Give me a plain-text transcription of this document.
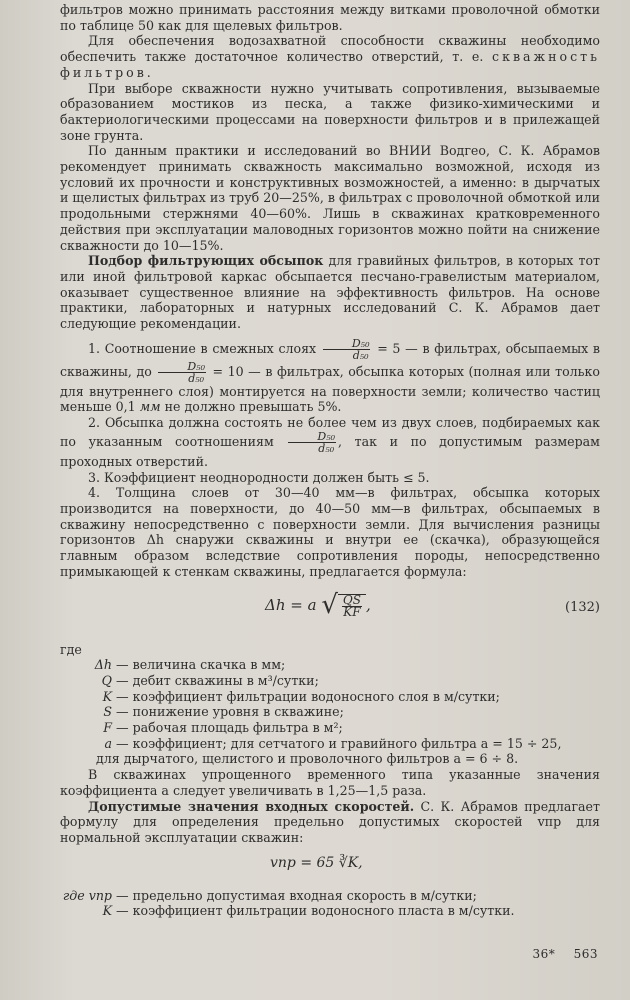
фильтров можно принимать расстояния между витками проволочной обмотки по таблице 50 как для щелевых фильтров.

Для обеспечения водозахватной способности скважины необходимо обеспечить также достаточное количество отверстий, т. е. скважность фильтров.

При выборе скважности нужно учитывать сопротивления, вызываемые образованием мостиков из песка, а также физико-химическими и бактериологическими процессами на поверхности фильтров и в прилежащей зоне грунта.

По данным практики и исследований во ВНИИ Водгео, С. К. Абрамов рекомендует принимать скважность максимально возможной, исходя из условий их прочности и конструктивных возможностей, а именно: в дырчатых и щелистых фильтрах из труб 20—25%, в фильтрах с проволочной обмоткой или продольными стержнями 40—60%. Лишь в скважинах кратковременного действия при эксплуатации маловодных горизонтов можно пойти на снижение скважности до 10—15%.

Подбор фильтрующих обсыпок для гравийных фильтров, в которых тот или иной фильтровой каркас обсыпается песчано-гравелистым материалом, оказывает существенное влияние на эффективность фильтров. На основе практики, лабораторных и натурных исследований С. К. Абрамов дает следующие рекомендации.

1. Соотношение в смежных слоях $\frac{\text{D₅₀}}{\text{d₅₀}} = 5$ — в фильтрах, обсыпаемых в скважины, до $\frac{\text{D₅₀}}{\text{d₅₀}} = 10$ — в фильтрах, обсыпка которых (полная или только для внутреннего слоя) монтируется на поверхности земли; количество частиц меньше 0,1 мм не должно превышать 5%.

2. Обсыпка должна состоять не более чем из двух слоев, подбираемых как по указанным соотношениям $\frac{\text{D₅₀}}{\text{d₅₀}}$ , так и по допустимым размерам проходных отверстий.

3. Коэффициент неоднородности должен быть ≤ 5.

4. Толщина слоев от 30—40 мм—в фильтрах, обсыпка которых производится на поверхности, до 40—50 мм—в фильтрах, обсыпаемых в скважину непосредственно с поверхности земли. Для вычисления разницы горизонтов Δh снаружи скважины и внутри ее (скачка), образующейся главным образом вследствие сопротивления породы, непосредственно примыкающей к стенкам скважины, предлагается формула:

Δh = a √ $\frac{QS}{KF}$ ,	(132)

где

Δh — величина скачка в мм;

Q — дебит скважины в м³/сутки;

K — коэффициент фильтрации водоносного слоя в м/сутки;

S — понижение уровня в скважине;

F — рабочая площадь фильтра в м²;

a — коэффициент; для сетчатого и гравийного фильтра a = 15 ÷ 25,

для дырчатого, щелистого и проволочного фильтров a = 6 ÷ 8.

В скважинах упрощенного временного типа указанные значения коэффициента a следует увеличивать в 1,25—1,5 раза.

Допустимые значения входных скоростей. С. К. Абрамов предлагает формулу для определения предельно допустимых скоростей vпр для нормальной эксплуатации скважин:

vпр = 65 ∛K,

где vпр — предельно допустимая входная скорость в м/сутки;

K — коэффициент фильтрации водоносного пласта в м/сутки.

36* 563
